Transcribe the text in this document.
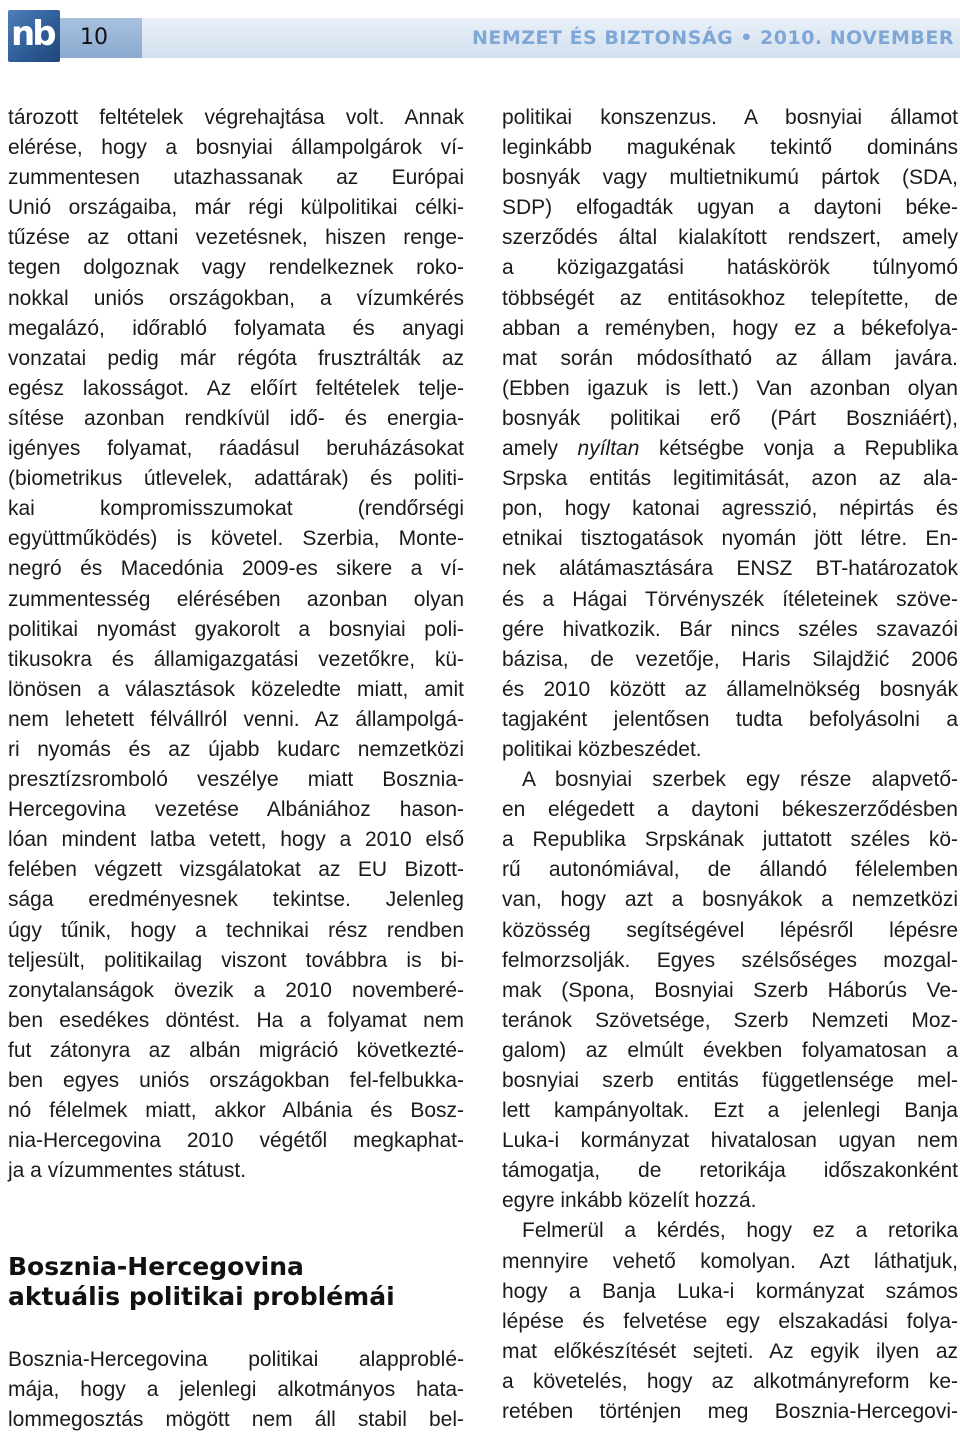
nb	10	NEMZET ÉS BIZTONSÁG • 2010. NOVEMBER

tározott feltételek végrehajtása volt. Annak
elérése, hogy a bosnyiai állampolgárok ví-
zummentesen utazhassanak az Európai
Unió országaiba, már régi külpolitikai célki-
tűzése az ottani vezetésnek, hiszen renge-
tegen dolgoznak vagy rendelkeznek roko-
nokkal uniós országokban, a vízumkérés
megalázó, időrabló folyamata és anyagi
vonzatai pedig már régóta frusztrálták az
egész lakosságot. Az előírt feltételek telje-
sítése azonban rendkívül idő- és energia-
igényes folyamat, ráadásul beruházásokat
(biometrikus útlevelek, adattárak) és politi-
kai kompromisszumokat (rendőrségi
együttműködés) is követel. Szerbia, Monte-
negró és Macedónia 2009-es sikere a ví-
zummentesség elérésében azonban olyan
politikai nyomást gyakorolt a bosnyiai poli-
tikusokra és államigazgatási vezetőkre, kü-
lönösen a választások közeledte miatt, amit
nem lehetett félvállról venni. Az állampolgá-
ri nyomás és az újabb kudarc nemzetközi
presztízsromboló veszélye miatt Bosznia-
Hercegovina vezetése Albániához hason-
lóan mindent latba vetett, hogy a 2010 első
felében végzett vizsgálatokat az EU Bizott-
sága eredményesnek tekintse. Jelenleg
úgy tűnik, hogy a technikai rész rendben
teljesült, politikailag viszont továbbra is bi-
zonytalanságok övezik a 2010 novemberé-
ben esedékes döntést. Ha a folyamat nem
fut zátonyra az albán migráció következté-
ben egyes uniós országokban fel-felbukka-
nó félelmek miatt, akkor Albánia és Bosz-
nia-Hercegovina 2010 végétől megkaphat-
ja a vízummentes státust.

Bosznia-Hercegovina
aktuális politikai problémái

Bosznia-Hercegovina politikai alapproblé-
mája, hogy a jelenlegi alkotmányos hata-
lommegosztás mögött nem áll stabil bel-

politikai konszenzus. A bosnyiai államot
leginkább magukénak tekintő domináns
bosnyák vagy multietnikumú pártok (SDA,
SDP) elfogadták ugyan a daytoni béke-
szerződés által kialakított rendszert, amely
a közigazgatási hatáskörök túlnyomó
többségét az entitásokhoz telepítette, de
abban a reményben, hogy ez a békefolya-
mat során módosítható az állam javára.
(Ebben igazuk is lett.) Van azonban olyan
bosnyák politikai erő (Párt Boszniáért),
amely nyíltan kétségbe vonja a Republika
Srpska entitás legitimitását, azon az ala-
pon, hogy katonai agresszió, népirtás és
etnikai tisztogatások nyomán jött létre. En-
nek alátámasztására ENSZ BT-határozatok
és a Hágai Törvényszék ítéleteinek szöve-
gére hivatkozik. Bár nincs széles szavazói
bázisa, de vezetője, Haris Silajdžić 2006
és 2010 között az államelnökség bosnyák
tagjaként jelentősen tudta befolyásolni a
politikai közbeszédet.

A bosnyiai szerbek egy része alapvető-
en elégedett a daytoni békeszerződésben
a Republika Srpskának juttatott széles kö-
rű autonómiával, de állandó félelemben
van, hogy azt a bosnyákok a nemzetközi
közösség segítségével lépésről lépésre
felmorzsolják. Egyes szélsőséges mozgal-
mak (Spona, Bosnyiai Szerb Háborús Ve-
teránok Szövetsége, Szerb Nemzeti Moz-
galom) az elmúlt években folyamatosan a
bosnyiai szerb entitás függetlensége mel-
lett kampányoltak. Ezt a jelenlegi Banja
Luka-i kormányzat hivatalosan ugyan nem
támogatja, de retorikája időszakonként
egyre inkább közelít hozzá.

Felmerül a kérdés, hogy ez a retorika
mennyire vehető komolyan. Azt láthatjuk,
hogy a Banja Luka-i kormányzat számos
lépése és felvetése egy elszakadási folya-
mat előkészítését sejteti. Az egyik ilyen az
a követelés, hogy az alkotmányreform ke-
retében történjen meg Bosznia-Hercegovi-
